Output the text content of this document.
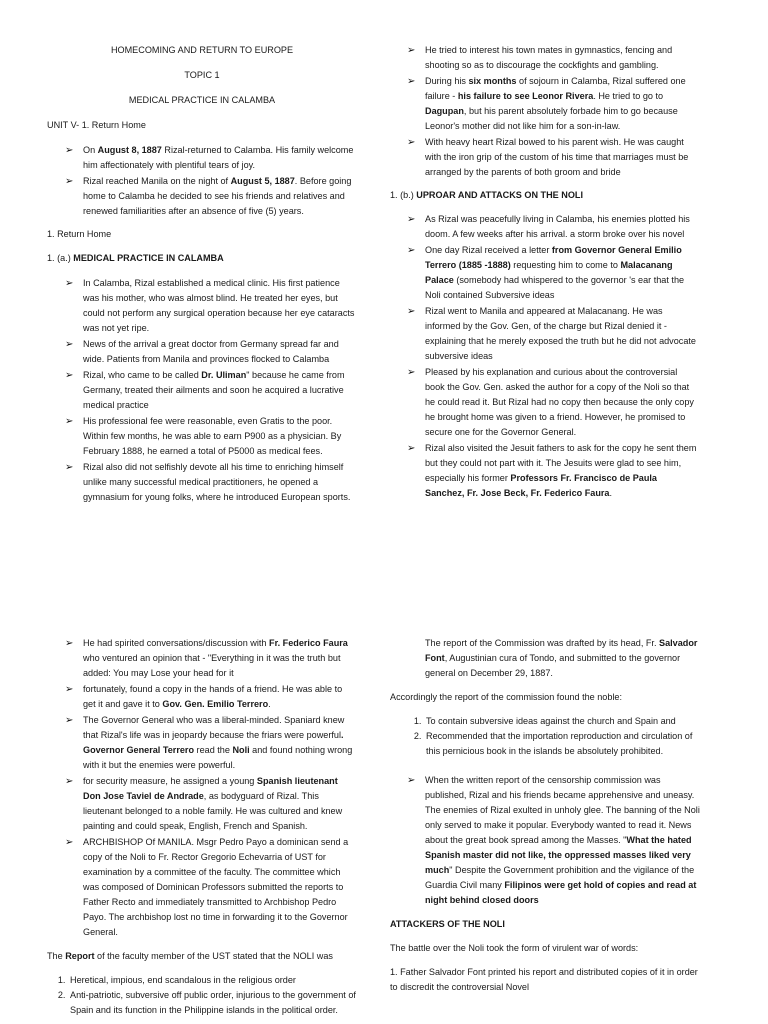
HOMECOMING AND RETURN TO EUROPE

TOPIC 1

MEDICAL PRACTICE IN CALAMBA

UNIT V- 1. Return Home

➢ On August 8, 1887 Rizal-returned to Calamba. His family welcome him affectionately with plentiful tears of joy.
➢ Rizal reached Manila on the night of August 5, 1887. Before going home to Calamba he decided to see his friends and relatives and renewed familiarities after an absence of five (5) years.

1. Return Home

1. (a.) MEDICAL PRACTICE IN CALAMBA

➢ In Calamba, Rizal established a medical clinic. His first patience was his mother, who was almost blind. He treated her eyes, but could not perform any surgical operation because her eye cataracts was not yet ripe.
➢ News of the arrival a great doctor from Germany spread far and wide. Patients from Manila and provinces flocked to Calamba
➢ Rizal, who came to be called Dr. Uliman" because he came from Germany, treated their ailments and soon he acquired a lucrative medical practice
➢ His professional fee were reasonable, even Gratis to the poor. Within few months, he was able to earn P900 as a physician. By February 1888, he earned a total of P5000 as medical fees.
➢ Rizal also did not selfishly devote all his time to enriching himself unlike many successful medical practitioners, he opened a gymnasium for young folks, where he introduced European sports.
➢ He tried to interest his town mates in gymnastics, fencing and shooting so as to discourage the cockfights and gambling.
➢ During his six months of sojourn in Calamba, Rizal suffered one failure - his failure to see Leonor Rivera. He tried to go to Dagupan, but his parent absolutely forbade him to go because Leonor's mother did not like him for a son-in-law.
➢ With heavy heart Rizal bowed to his parent wish. He was caught with the iron grip of the custom of his time that marriages must be arranged by the parents of both groom and bride

1. (b.) UPROAR AND ATTACKS ON THE NOLI

➢ As Rizal was peacefully living in Calamba, his enemies plotted his doom. A few weeks after his arrival. a storm broke over his novel
➢ One day Rizal received a letter from Governor General Emilio Terrero (1885 -1888) requesting him to come to Malacanang Palace (somebody had whispered to the governor 's ear that the Noli contained Subversive ideas
➢ Rizal went to Manila and appeared at Malacanang. He was informed by the Gov. Gen, of the charge but Rizal denied it - explaining that he merely exposed the truth but he did not advocate subversive ideas
➢ Pleased by his explanation and curious about the controversial book the Gov. Gen. asked the author for a copy of the Noli so that he could read it. But Rizal had no copy then because the only copy he brought home was given to a friend. However, he promised to secure one for the Governor General.
➢ Rizal also visited the Jesuit fathers to ask for the copy he sent them but they could not part with it. The Jesuits were glad to see him, especially his former Professors Fr. Francisco de Paula Sanchez, Fr. Jose Beck, Fr. Federico Faura.
➢ He had spirited conversations/discussion with Fr. Federico Faura who ventured an opinion that - "Everything in it was the truth but added: You may Lose your head for it
➢ fortunately, found a copy in the hands of a friend. He was able to get it and gave it to Gov. Gen. Emilio Terrero.
➢ The Governor General who was a liberal-minded. Spaniard knew that Rizal's life was in jeopardy because the friars were powerful. Governor General Terrero read the Noli and found nothing wrong with it but the enemies were powerful.
➢ for security measure, he assigned a young Spanish lieutenant Don Jose Taviel de Andrade, as bodyguard of Rizal. This lieutenant belonged to a noble family. He was cultured and knew painting and could speak, English, French and Spanish.
➢ ARCHBISHOP Of MANILA. Msgr Pedro Payo a dominican send a copy of the Noli to Fr. Rector Gregorio Echevarria of UST for examination by a committee of the faculty. The committee which was composed of Dominican Professors submitted the reports to Father Recto and immediately transmitted to Archbishop Pedro Payo. The archbishop lost no time in forwarding it to the Governor General.

The Report of the faculty member of the UST stated that the NOLI was

1. Heretical, impious, end scandalous in the religious order
2. Anti-patriotic, subversive off public order, injurious to the government of Spain and its function in the Philippine islands in the political order.

The report of the Commission was drafted by its head, Fr. Salvador Font, Augustinian cura of Tondo, and submitted to the governor general on December 29, 1887.

Accordingly the report of the commission found the noble:

1. To contain subversive ideas against the church and Spain and
2. Recommended that the importation reproduction and circulation of this pernicious book in the islands be absolutely prohibited.
➢ When the written report of the censorship commission was published, Rizal and his friends became apprehensive and uneasy. The enemies of Rizal exulted in unholy glee. The banning of the Noli only served to make it popular. Everybody wanted to read it. News about the great book spread among the Masses. "What the hated Spanish master did not like, the oppressed masses liked very much" Despite the Government prohibition and the vigilance of the Guardia Civil many Filipinos were get hold of copies and read at night behind closed doors

ATTACKERS OF THE NOLI

The battle over the Noli took the form of virulent war of words:

1. Father Salvador Font printed his report and distributed copies of it in order to discredit the controversial Novel
